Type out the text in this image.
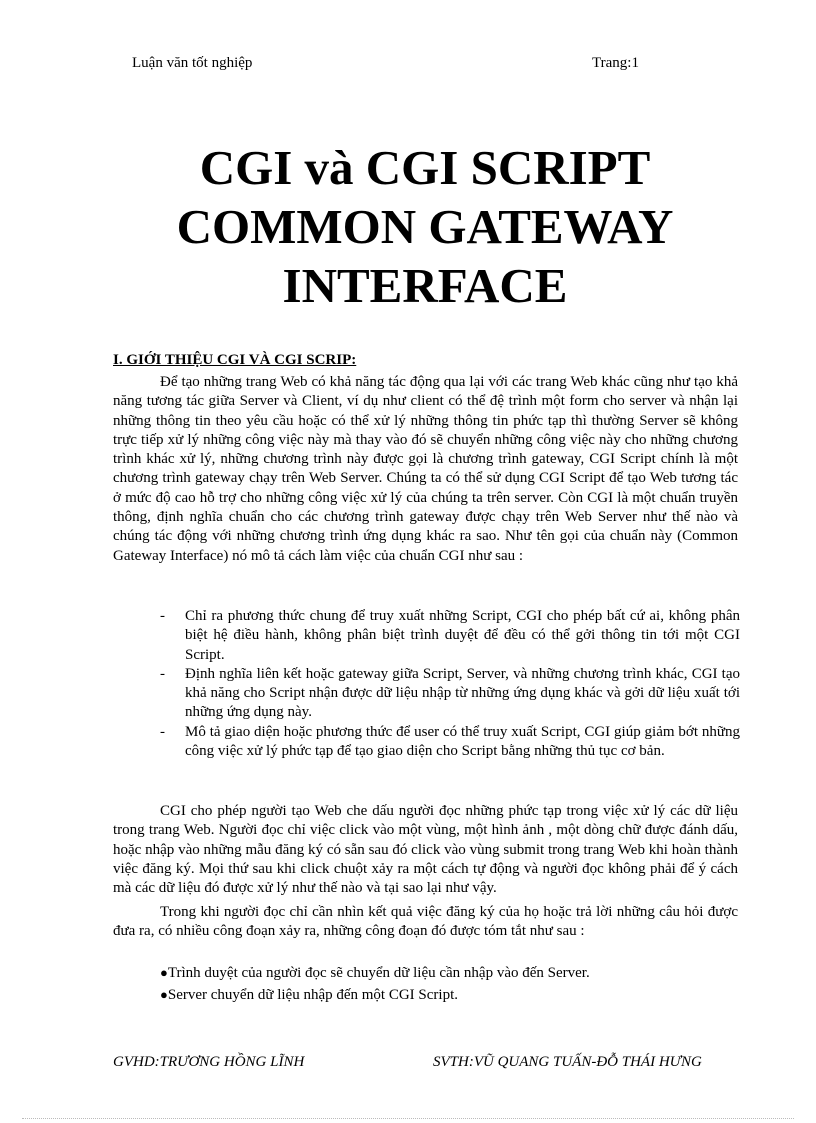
Luận văn tốt nghiệp	Trang:1
CGI và CGI SCRIPT
COMMON GATEWAY
INTERFACE
I. GIỚI THIỆU CGI VÀ CGI SCRIP:
Để tạo những trang Web có khả năng tác động qua lại với các trang Web khác cũng như tạo khả năng tương tác giữa Server và Client, ví dụ như client có thể đệ trình một form cho server và nhận lại những thông tin theo yêu cầu hoặc có thể xử lý những thông tin phức tạp thì thường Server sẽ không trực tiếp xử lý những công việc này mà thay vào đó sẽ chuyển những công việc này cho những chương trình khác xử lý, những chương trình này được gọi là chương trình gateway, CGI Script chính là một chương trình gateway chạy trên Web Server. Chúng ta có thể sử dụng CGI Script để tạo Web tương tác ở mức độ cao hỗ trợ cho những công việc xử lý của chúng ta trên server. Còn CGI là một chuẩn truyền thông, định nghĩa chuẩn cho các chương trình gateway được chạy trên Web Server như thế nào và chúng tác động với những chương trình ứng dụng khác ra sao. Như tên gọi của chuẩn này (Common Gateway Interface) nó mô tả cách làm việc của chuẩn CGI như sau :
- Chỉ ra phương thức chung để truy xuất những Script, CGI cho phép bất cứ ai, không phân biệt hệ điều hành, không phân biệt trình duyệt để đều có thể gởi thông tin tới một CGI Script.
- Định nghĩa liên kết hoặc gateway giữa Script, Server, và những chương trình khác, CGI tạo khả năng cho Script nhận được dữ liệu nhập từ những ứng dụng khác và gởi dữ liệu xuất tới những ứng dụng này.
- Mô tả giao diện hoặc phương thức để user có thể truy xuất Script, CGI giúp giảm bớt những công việc xử lý phức tạp để tạo giao diện cho Script bằng những thủ tục cơ bản.
CGI cho phép người tạo Web che dấu người đọc những phức tạp trong việc xử lý các dữ liệu trong trang Web. Người đọc chỉ việc click vào một vùng, một hình ảnh , một dòng chữ được đánh dấu, hoặc nhập vào những mẫu đăng ký có sẵn sau đó click vào vùng submit trong trang Web khi hoàn thành việc đăng ký. Mọi thứ sau khi click chuột xảy ra một cách tự động và người đọc không phải để ý cách mà các dữ liệu đó được xử lý như thế nào và tại sao lại như vậy.
Trong khi người đọc chỉ cần nhìn kết quả việc đăng ký của họ hoặc trả lời những câu hỏi được đưa ra, có nhiều công đoạn xảy ra, những công đoạn đó được tóm tắt như sau :
●Trình duyệt của người đọc sẽ chuyển dữ liệu cần nhập vào đến Server.
●Server chuyển dữ liệu nhập đến một CGI Script.
GVHD:TRƯƠNG HỒNG LĨNH	SVTH:VŨ QUANG TUẤN-ĐỖ THÁI HƯNG
